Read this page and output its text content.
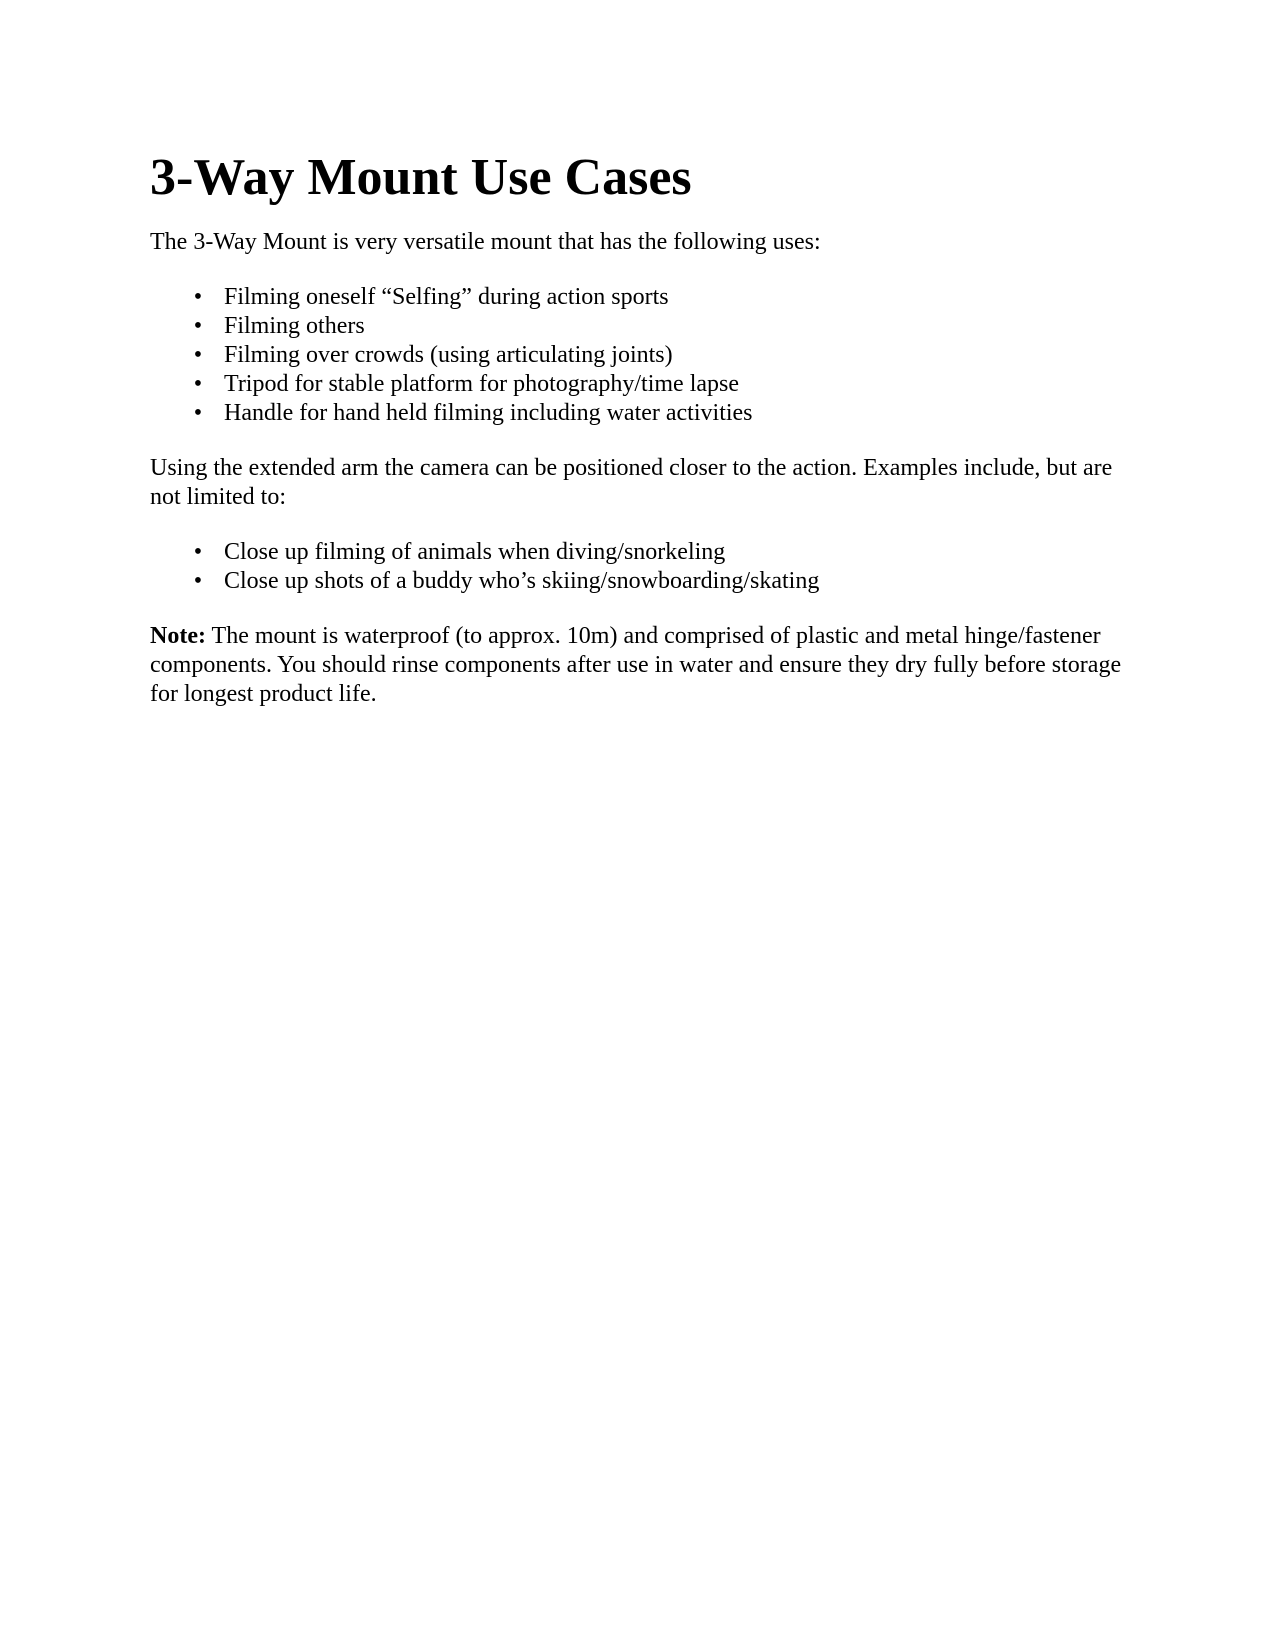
3-Way Mount Use Cases

The 3-Way Mount is very versatile mount that has the following uses:

• Filming oneself “Selfing” during action sports
• Filming others
• Filming over crowds (using articulating joints)
• Tripod for stable platform for photography/time lapse
• Handle for hand held filming including water activities

Using the extended arm the camera can be positioned closer to the action. Examples include, but are not limited to:

• Close up filming of animals when diving/snorkeling
• Close up shots of a buddy who’s skiing/snowboarding/skating

Note: The mount is waterproof (to approx. 10m) and comprised of plastic and metal hinge/fastener components. You should rinse components after use in water and ensure they dry fully before storage for longest product life.
